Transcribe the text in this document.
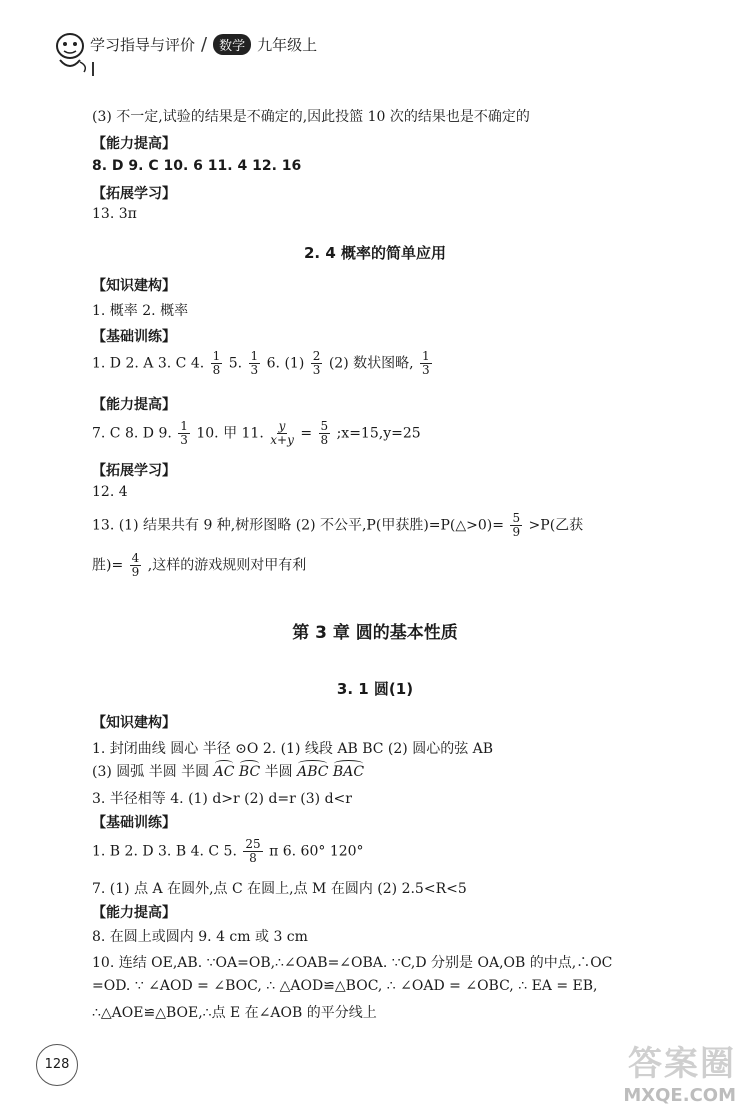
学习指导与评价 / 数学 九年级上
(3) 不一定,试验的结果是不确定的,因此投篮 10 次的结果也是不确定的
【能力提高】
8. D 9. C 10. 6 11. 4 12. 16
【拓展学习】
13. 3π
2. 4 概率的简单应用
【知识建构】
1. 概率 2. 概率
【基础训练】
1. D 2. A 3. C 4. $\frac{1}{8} 5$. $\frac{1}{3} 6$. $(1) \frac{2}{3} (2)$ 数状图略, $\frac{1}{3}$
【能力提高】
7. C 8. D 9. $\frac{1}{3} 10$. 甲 11. $\frac{y}{x+y} = \frac{5}{8}$ ;x=15,y=25
【拓展学习】
12. 4
13. (1) 结果共有 9 种,树形图略 (2) 不公平,P(甲获胜)=P(△>0)= $\frac{5}{9} >P$(乙获
胜)= $\frac{4}{9}$ ,这样的游戏规则对甲有利
第 3 章 圆的基本性质
3. 1 圆(1)
【知识建构】
1. 封闭曲线 圆心 半径 ⊙O 2. (1) 线段 AB BC (2) 圆心的弦 AB
(3) 圆弧 半圆 半圆 AC BC 半圆 ABC BAC
3. 半径相等 4. (1) d>r (2) d=r (3) d<r
【基础训练】
1. B 2. D 3. B 4. C 5. $\frac{25}{8}$ π 6. 60° 120°
7. (1) 点 A 在圆外,点 C 在圆上,点 M 在圆内 (2) 2.5<R<5
【能力提高】
8. 在圆上或圆内 9. 4 cm 或 3 cm
10. 连结 OE,AB. ∵OA=OB,∴∠OAB=∠OBA. ∵C,D 分别是 OA,OB 的中点,∴OC
=OD. ∵ ∠AOD = ∠BOC, ∴ △AOD≌△BOC, ∴ ∠OAD = ∠OBC, ∴ EA = EB,
∴△AOE≌△BOE,∴点 E 在∠AOB 的平分线上
128	答案圈
MXQE.COM
